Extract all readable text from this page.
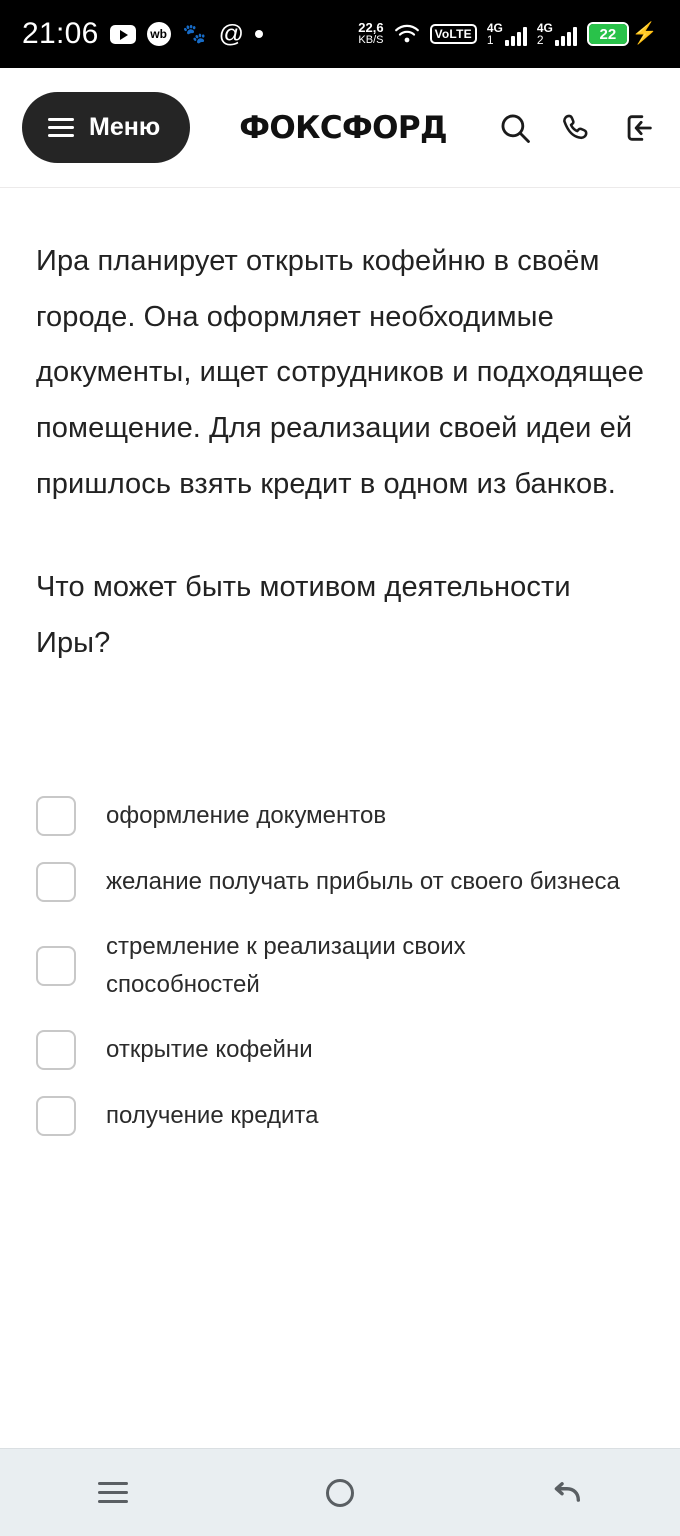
21:06	wb 🐾 @	22,6
KB/S	VoLTE	4G
1
4G
2	22 ⚡
Меню	ФОКСФОРД
Ира планирует открыть кофейню в своём городе. Она оформляет необходимые документы, ищет сотрудников и подходящее помещение. Для реализации своей идеи ей пришлось взять кредит в одном из банков.
Что может быть мотивом деятельности Иры?
оформление документов
желание получать прибыль от своего бизнеса
стремление к реализации своих способностей
открытие кофейни
получение кредита
